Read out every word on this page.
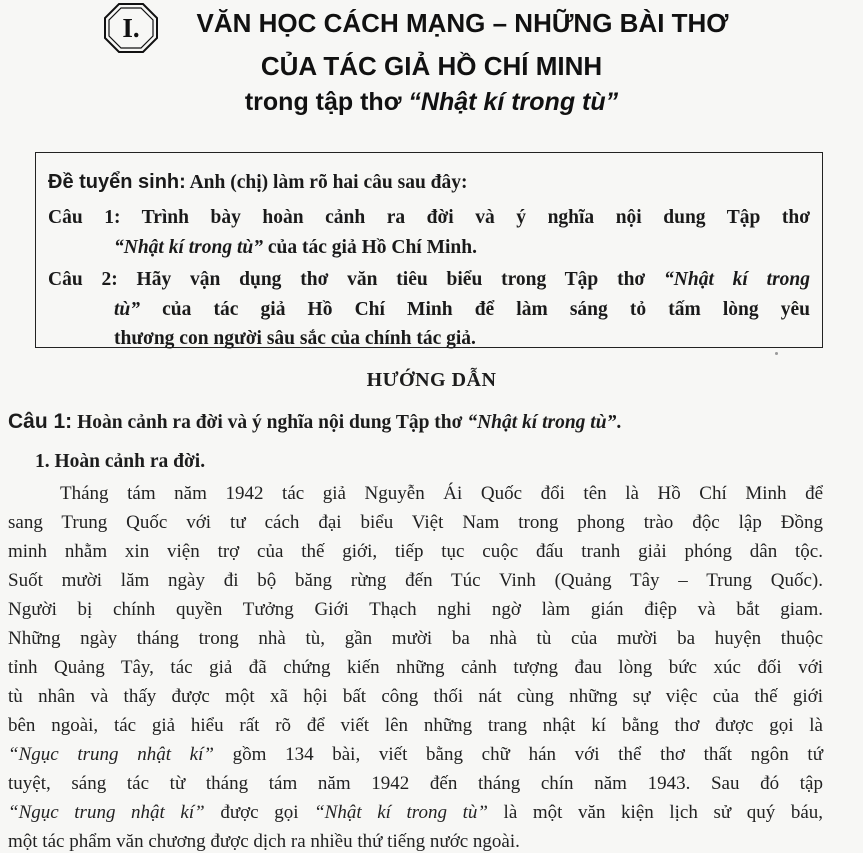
I.	VĂN HỌC CÁCH MẠNG – NHỮNG BÀI THƠ
CỦA TÁC GIẢ HỒ CHÍ MINH
trong tập thơ “Nhật kí trong tù”
Đề tuyển sinh: Anh (chị) làm rõ hai câu sau đây:
Câu 1: Trình bày hoàn cảnh ra đời và ý nghĩa nội dung Tập thơ
“Nhật kí trong tù” của tác giả Hồ Chí Minh.
Câu 2: Hãy vận dụng thơ văn tiêu biểu trong Tập thơ “Nhật kí trong
tù” của tác giả Hồ Chí Minh để làm sáng tỏ tấm lòng yêu
thương con người sâu sắc của chính tác giả.
HƯỚNG DẪN
Câu 1: Hoàn cảnh ra đời và ý nghĩa nội dung Tập thơ “Nhật kí trong tù”.
1. Hoàn cảnh ra đời.
Tháng tám năm 1942 tác giả Nguyễn Ái Quốc đổi tên là Hồ Chí Minh để
sang Trung Quốc với tư cách đại biểu Việt Nam trong phong trào độc lập Đồng
minh nhằm xin viện trợ của thế giới, tiếp tục cuộc đấu tranh giải phóng dân tộc.
Suốt mười lăm ngày đi bộ băng rừng đến Túc Vinh (Quảng Tây – Trung Quốc).
Người bị chính quyền Tưởng Giới Thạch nghi ngờ làm gián điệp và bắt giam.
Những ngày tháng trong nhà tù, gần mười ba nhà tù của mười ba huyện thuộc
tỉnh Quảng Tây, tác giả đã chứng kiến những cảnh tượng đau lòng bức xúc đối với
tù nhân và thấy được một xã hội bất công thối nát cùng những sự việc của thế giới
bên ngoài, tác giả hiểu rất rõ để viết lên những trang nhật kí bằng thơ được gọi là
“Ngục trung nhật kí” gồm 134 bài, viết bằng chữ hán với thể thơ thất ngôn tứ
tuyệt, sáng tác từ tháng tám năm 1942 đến tháng chín năm 1943. Sau đó tập
“Ngục trung nhật kí” được gọi “Nhật kí trong tù” là một văn kiện lịch sử quý báu,
một tác phẩm văn chương được dịch ra nhiều thứ tiếng nước ngoài.
